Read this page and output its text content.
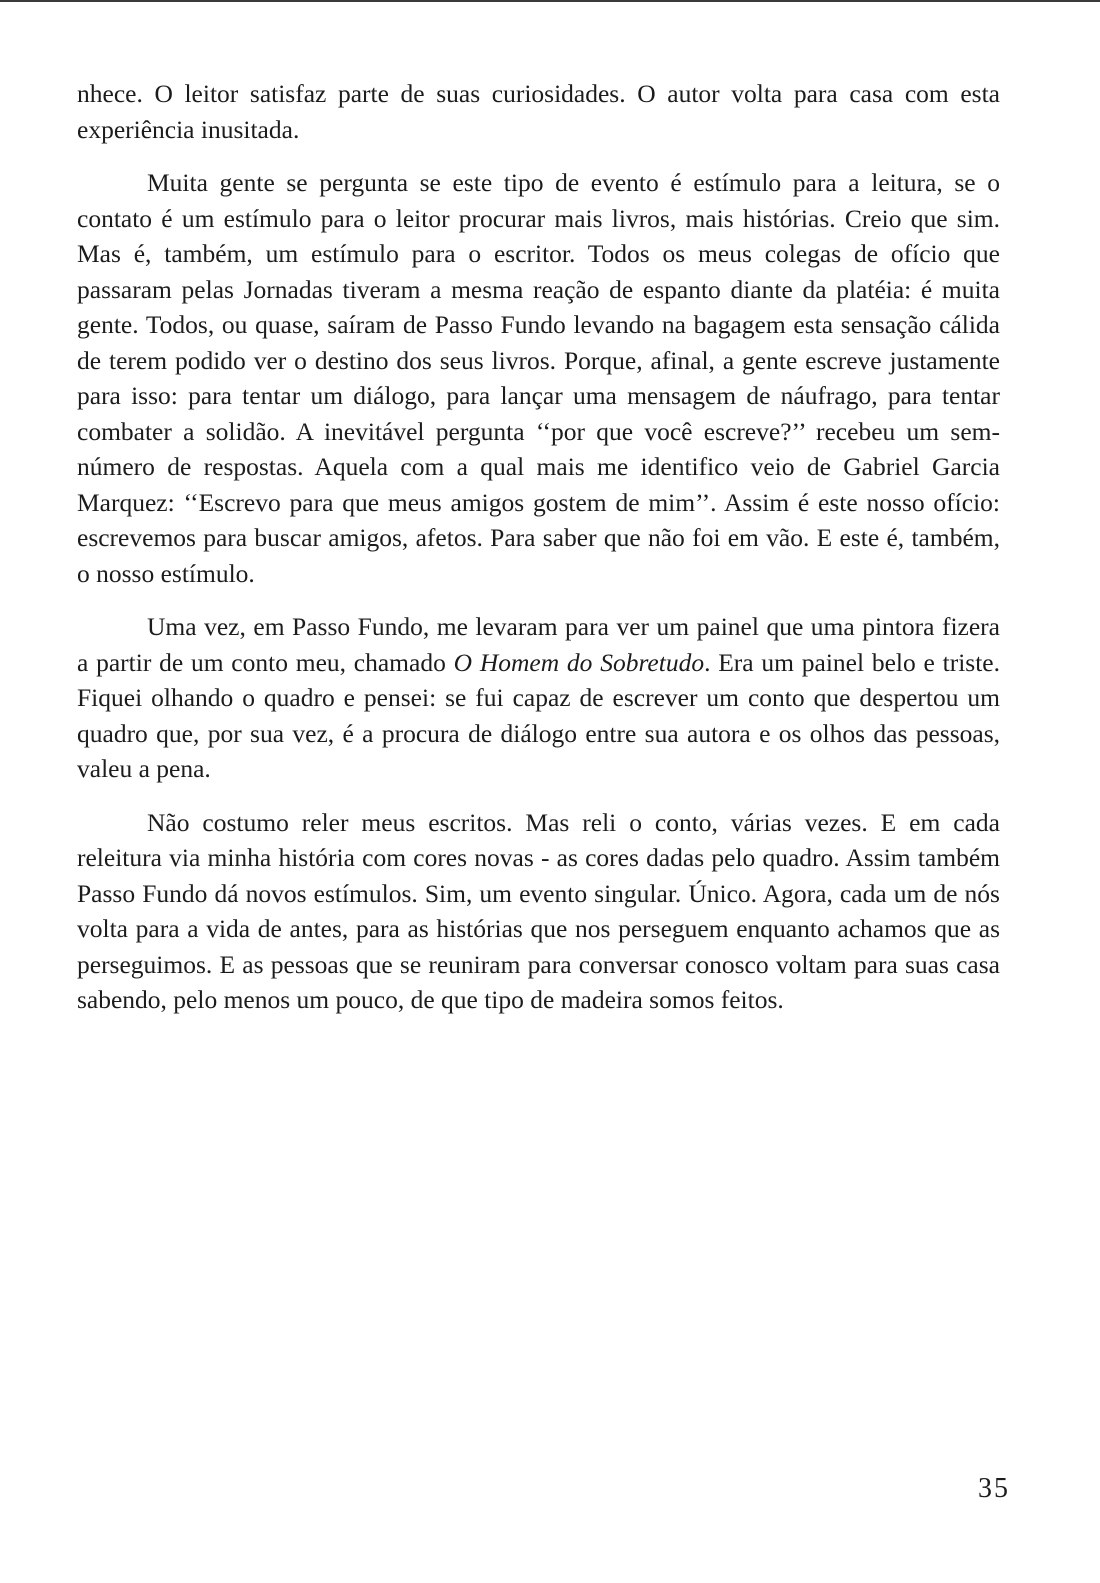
nhece. O leitor satisfaz parte de suas curiosidades. O autor volta para casa com esta experiência inusitada.

Muita gente se pergunta se este tipo de evento é estímulo para a leitura, se o contato é um estímulo para o leitor procurar mais livros, mais histórias. Creio que sim. Mas é, também, um estímulo para o escritor. Todos os meus colegas de ofício que passaram pelas Jornadas tiveram a mesma reação de espanto diante da platéia: é muita gente. Todos, ou quase, saíram de Passo Fundo levando na bagagem esta sensação cálida de terem podido ver o destino dos seus livros. Porque, afinal, a gente escreve justamente para isso: para tentar um diálogo, para lançar uma mensagem de náufrago, para tentar combater a solidão. A inevitável pergunta ‘‘por que você escreve?’’ recebeu um sem-número de respostas. Aquela com a qual mais me identifico veio de Gabriel Garcia Marquez: ‘‘Escrevo para que meus amigos gostem de mim’’. Assim é este nosso ofício: escrevemos para buscar amigos, afetos. Para saber que não foi em vão. E este é, também, o nosso estímulo.

Uma vez, em Passo Fundo, me levaram para ver um painel que uma pintora fizera a partir de um conto meu, chamado O Homem do Sobretudo. Era um painel belo e triste. Fiquei olhando o quadro e pensei: se fui capaz de escrever um conto que despertou um quadro que, por sua vez, é a procura de diálogo entre sua autora e os olhos das pessoas, valeu a pena.

Não costumo reler meus escritos. Mas reli o conto, várias vezes. E em cada releitura via minha história com cores novas - as cores dadas pelo quadro. Assim também Passo Fundo dá novos estímulos. Sim, um evento singular. Único. Agora, cada um de nós volta para a vida de antes, para as histórias que nos perseguem enquanto achamos que as perseguimos. E as pessoas que se reuniram para conversar conosco voltam para suas casa sabendo, pelo menos um pouco, de que tipo de madeira somos feitos.

35
